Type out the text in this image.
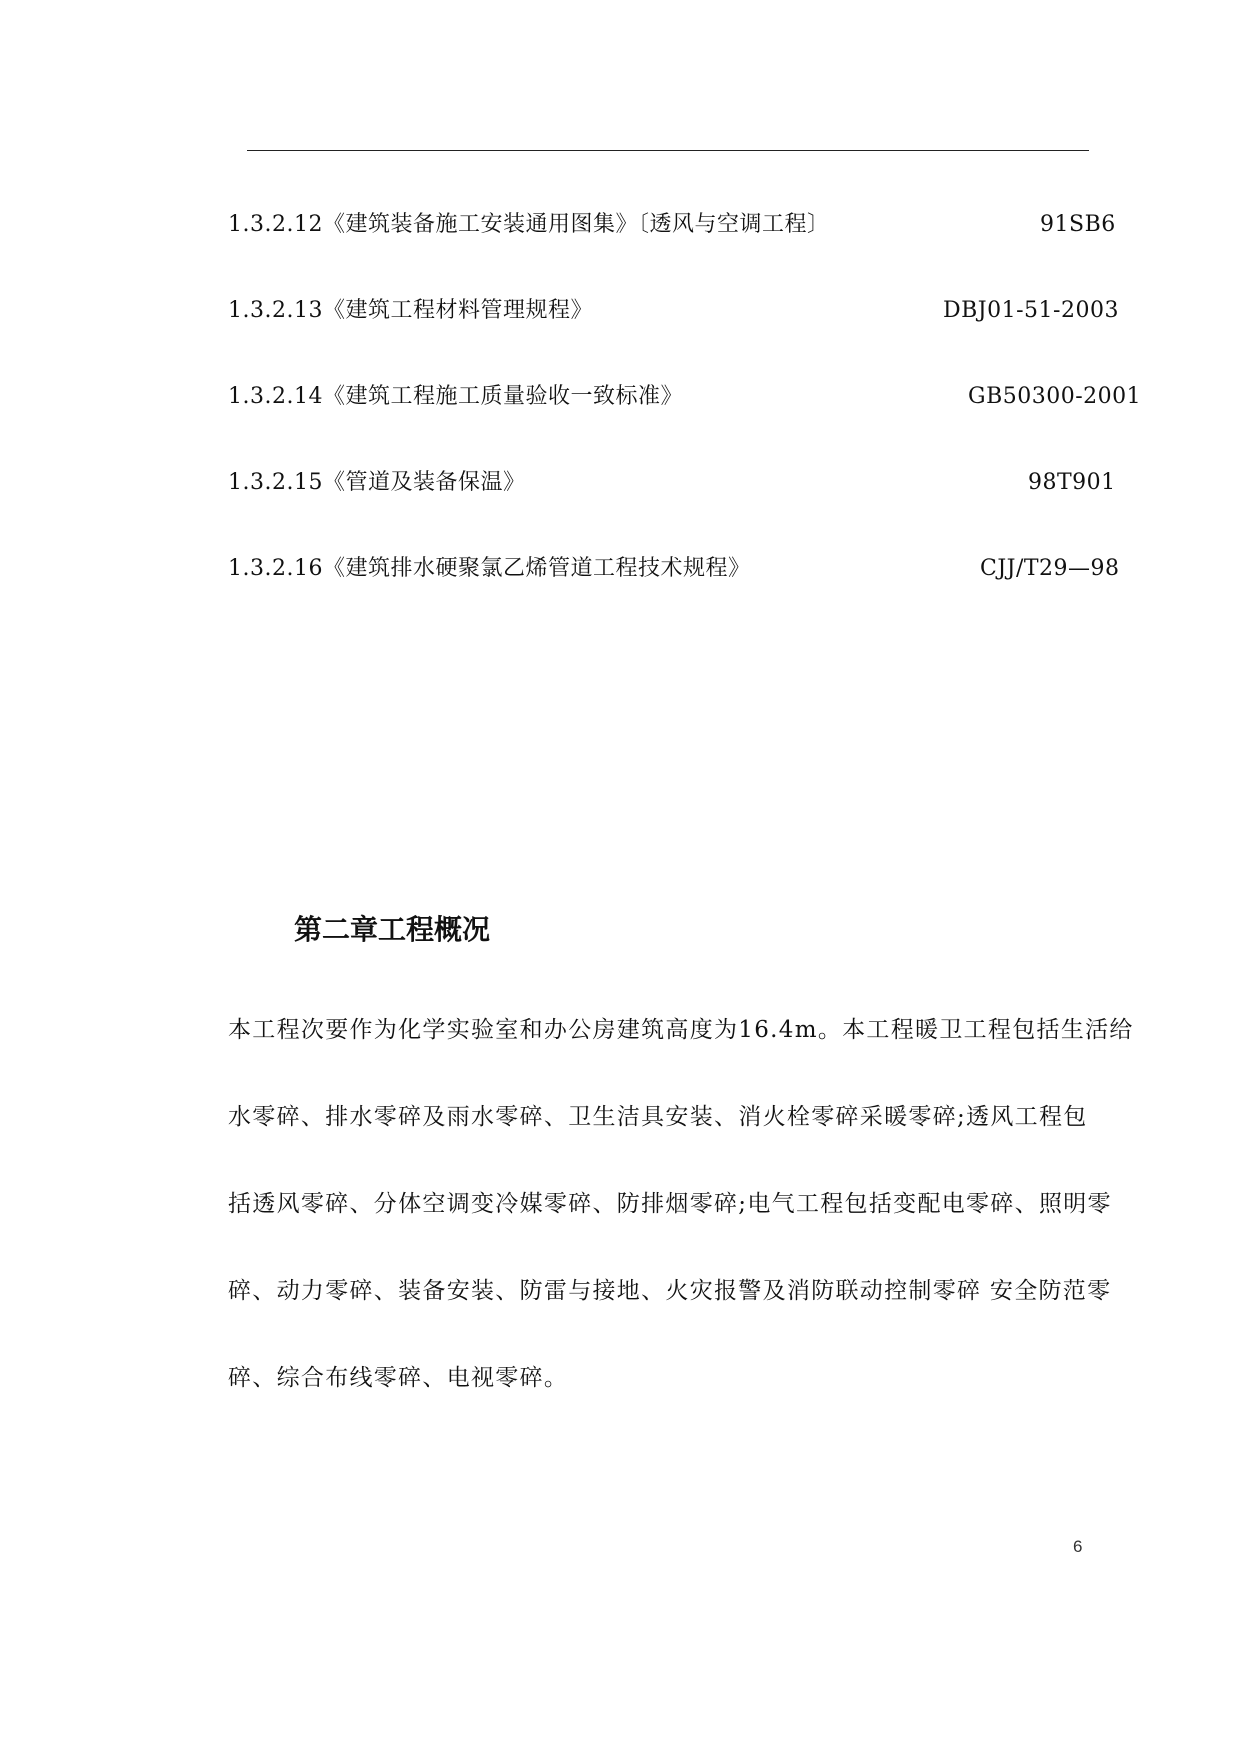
1.3.2.12《建筑装备施工安装通用图集》〔透风与空调工程〕	91SB6
1.3.2.13《建筑工程材料管理规程》	DBJ01-51-2003
1.3.2.14《建筑工程施工质量验收一致标准》	GB50300-2001
1.3.2.15《管道及装备保温》	98T901
1.3.2.16《建筑排水硬聚氯乙烯管道工程技术规程》	CJJ/T29—98
第二章工程概况

本工程次要作为化学实验室和办公房建筑高度为16.4m。本工程暖卫工程包括生活给
水零碎、排水零碎及雨水零碎、卫生洁具安装、消火栓零碎采暖零碎;透风工程包
括透风零碎、分体空调变冷媒零碎、防排烟零碎;电气工程包括变配电零碎、照明零
碎、动力零碎、装备安装、防雷与接地、火灾报警及消防联动控制零碎 安全防范零
碎、综合布线零碎、电视零碎。

6
